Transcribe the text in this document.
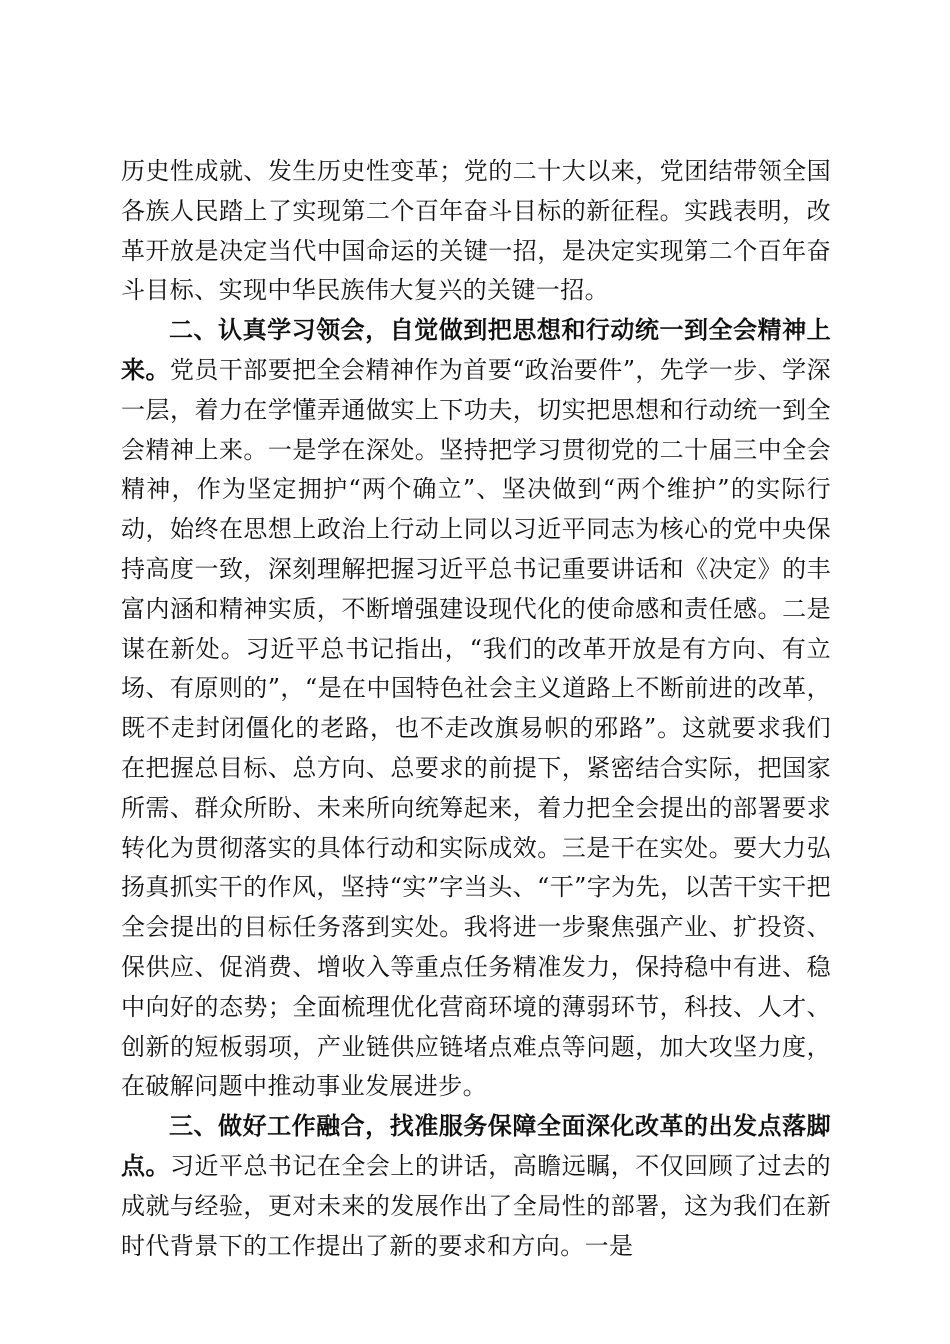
历史性成就、发生历史性变革；党的二十大以来，党团结带领全国各族人民踏上了实现第二个百年奋斗目标的新征程。实践表明，改革开放是决定当代中国命运的关键一招，是决定实现第二个百年奋斗目标、实现中华民族伟大复兴的关键一招。

二、认真学习领会，自觉做到把思想和行动统一到全会精神上来。党员干部要把全会精神作为首要“政治要件”，先学一步、学深一层，着力在学懂弄通做实上下功夫，切实把思想和行动统一到全会精神上来。一是学在深处。坚持把学习贯彻党的二十届三中全会精神，作为坚定拥护“两个确立”、坚决做到“两个维护”的实际行动，始终在思想上政治上行动上同以习近平同志为核心的党中央保持高度一致，深刻理解把握习近平总书记重要讲话和《决定》的丰富内涵和精神实质，不断增强建设现代化的使命感和责任感。二是谋在新处。习近平总书记指出，“我们的改革开放是有方向、有立场、有原则的”，“是在中国特色社会主义道路上不断前进的改革，既不走封闭僵化的老路，也不走改旗易帜的邪路”。这就要求我们在把握总目标、总方向、总要求的前提下，紧密结合实际，把国家所需、群众所盼、未来所向统筹起来，着力把全会提出的部署要求转化为贯彻落实的具体行动和实际成效。三是干在实处。要大力弘扬真抓实干的作风，坚持“实”字当头、“干”字为先，以苦干实干把全会提出的目标任务落到实处。我将进一步聚焦强产业、扩投资、保供应、促消费、增收入等重点任务精准发力，保持稳中有进、稳中向好的态势；全面梳理优化营商环境的薄弱环节，科技、人才、创新的短板弱项，产业链供应链堵点难点等问题，加大攻坚力度，在破解问题中推动事业发展进步。

三、做好工作融合，找准服务保障全面深化改革的出发点落脚点。习近平总书记在全会上的讲话，高瞻远瞩，不仅回顾了过去的成就与经验，更对未来的发展作出了全局性的部署，这为我们在新时代背景下的工作提出了新的要求和方向。一是
